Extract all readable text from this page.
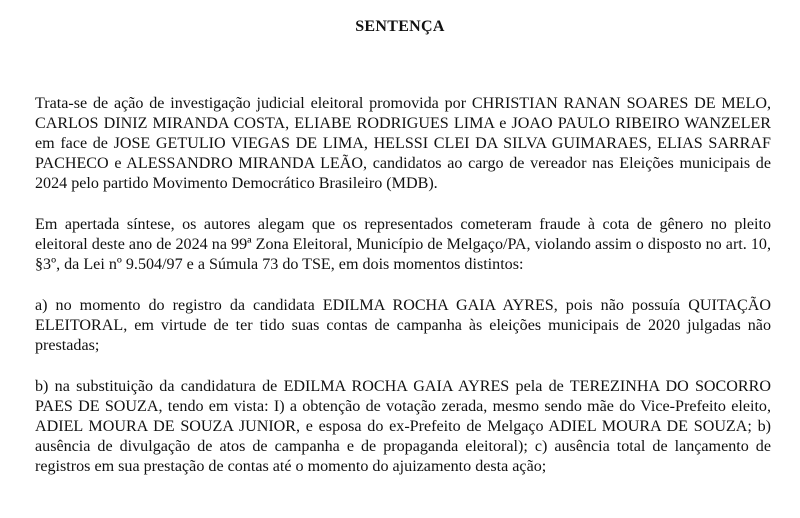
SENTENÇA

Trata-se de ação de investigação judicial eleitoral promovida por CHRISTIAN RANAN SOARES DE MELO, CARLOS DINIZ MIRANDA COSTA, ELIABE RODRIGUES LIMA e JOAO PAULO RIBEIRO WANZELER em face de JOSE GETULIO VIEGAS DE LIMA, HELSSI CLEI DA SILVA GUIMARAES, ELIAS SARRAF PACHECO e ALESSANDRO MIRANDA LEÃO, candidatos ao cargo de vereador nas Eleições municipais de 2024 pelo partido Movimento Democrático Brasileiro (MDB).

Em apertada síntese, os autores alegam que os representados cometeram fraude à cota de gênero no pleito eleitoral deste ano de 2024 na 99ª Zona Eleitoral, Município de Melgaço/PA, violando assim o disposto no art. 10, §3º, da Lei nº 9.504/97 e a Súmula 73 do TSE, em dois momentos distintos:

a) no momento do registro da candidata EDILMA ROCHA GAIA AYRES, pois não possuía QUITAÇÃO ELEITORAL, em virtude de ter tido suas contas de campanha às eleições municipais de 2020 julgadas não prestadas;

b) na substituição da candidatura de EDILMA ROCHA GAIA AYRES pela de TEREZINHA DO SOCORRO PAES DE SOUZA, tendo em vista: I) a obtenção de votação zerada, mesmo sendo mãe do Vice-Prefeito eleito, ADIEL MOURA DE SOUZA JUNIOR, e esposa do ex-Prefeito de Melgaço ADIEL MOURA DE SOUZA; b) ausência de divulgação de atos de campanha e de propaganda eleitoral); c) ausência total de lançamento de registros em sua prestação de contas até o momento do ajuizamento desta ação;
